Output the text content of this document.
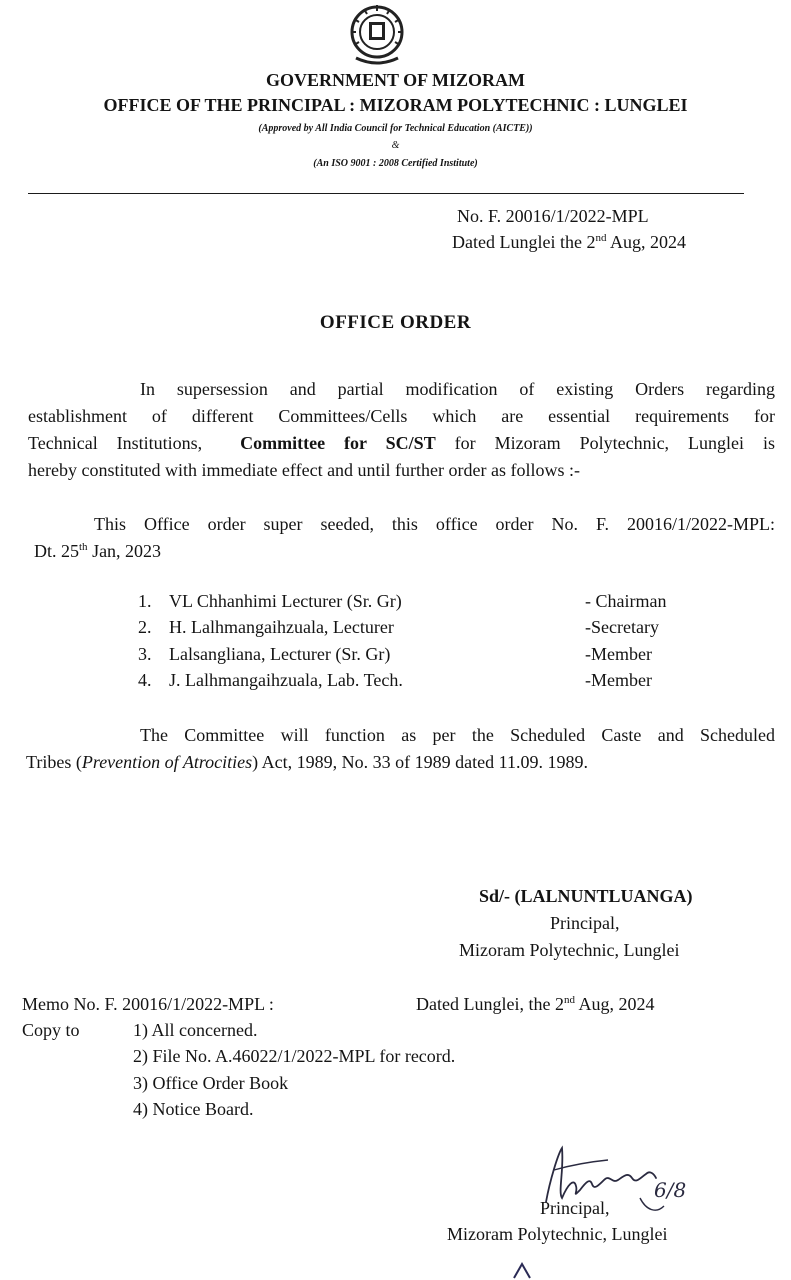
GOVERNMENT OF MIZORAM
OFFICE OF THE PRINCIPAL : MIZORAM POLYTECHNIC : LUNGLEI
(Approved by All India Council for Technical Education (AICTE))
&
(An ISO 9001 : 2008 Certified Institute)
No. F. 20016/1/2022-MPL
Dated Lunglei the 2nd Aug, 2024
OFFICE ORDER
In supersession and partial modification of existing Orders regarding
establishment of different Committees/Cells which are essential requirements for
Technical Institutions, Committee for SC/ST for Mizoram Polytechnic, Lunglei is
hereby constituted with immediate effect and until further order as follows :-
This Office order super seeded, this office order No. F. 20016/1/2022-MPL:
Dt. 25th Jan, 2023
1. VL Chhanhimi Lecturer (Sr. Gr)	- Chairman
2. H. Lalhmangaihzuala, Lecturer	-Secretary
3. Lalsangliana, Lecturer (Sr. Gr)	-Member
4. J. Lalhmangaihzuala, Lab. Tech.	-Member
The Committee will function as per the Scheduled Caste and Scheduled
Tribes (Prevention of Atrocities) Act, 1989, No. 33 of 1989 dated 11.09. 1989.
Sd/- (LALNUNTLUANGA)
Principal,
Mizoram Polytechnic, Lunglei
Memo No. F. 20016/1/2022-MPL :	Dated Lunglei, the 2nd Aug, 2024
Copy to	1) All concerned.
2) File No. A.46022/1/2022-MPL for record.
3) Office Order Book
4) Notice Board.
6/8
Principal,
Mizoram Polytechnic, Lunglei
